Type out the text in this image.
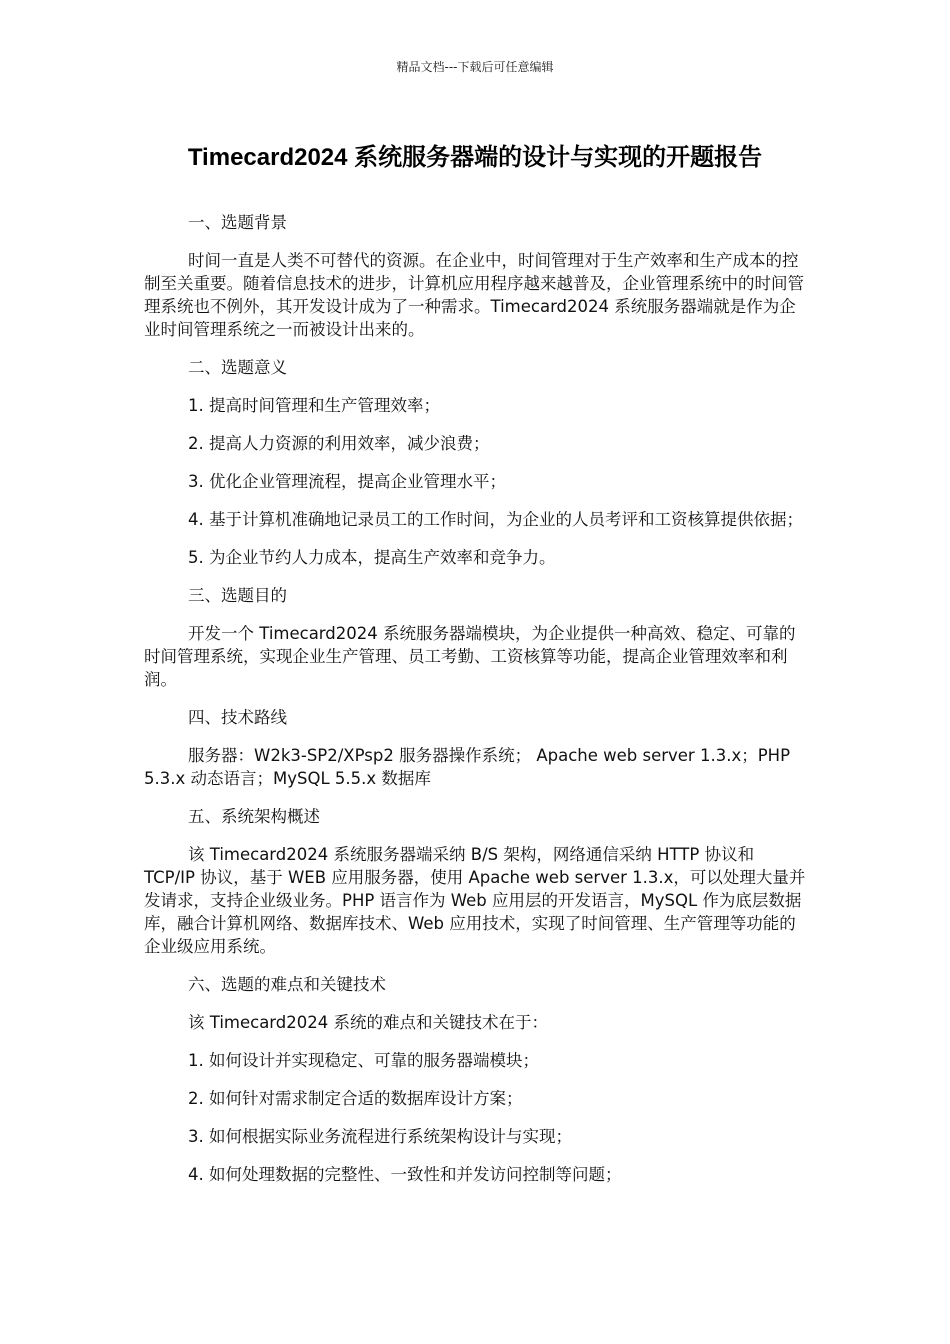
精品文档---下载后可任意编辑
Timecard2024 系统服务器端的设计与实现的开题报告

一、选题背景

时间一直是人类不可替代的资源。在企业中，时间管理对于生产效率和生产成本的控制至关重要。随着信息技术的进步，计算机应用程序越来越普及，企业管理系统中的时间管理系统也不例外，其开发设计成为了一种需求。Timecard2024 系统服务器端就是作为企业时间管理系统之一而被设计出来的。

二、选题意义

1. 提高时间管理和生产管理效率；

2. 提高人力资源的利用效率，减少浪费；

3. 优化企业管理流程，提高企业管理水平；

4. 基于计算机准确地记录员工的工作时间，为企业的人员考评和工资核算提供依据；

5. 为企业节约人力成本，提高生产效率和竞争力。

三、选题目的

开发一个 Timecard2024 系统服务器端模块，为企业提供一种高效、稳定、可靠的时间管理系统，实现企业生产管理、员工考勤、工资核算等功能，提高企业管理效率和利润。

四、技术路线

服务器：W2k3-SP2/XPsp2 服务器操作系统； Apache web server 1.3.x；PHP 5.3.x 动态语言；MySQL 5.5.x 数据库

五、系统架构概述

该 Timecard2024 系统服务器端采纳 B/S 架构，网络通信采纳 HTTP 协议和 TCP/IP 协议，基于 WEB 应用服务器，使用 Apache web server 1.3.x，可以处理大量并发请求，支持企业级业务。PHP 语言作为 Web 应用层的开发语言，MySQL 作为底层数据库，融合计算机网络、数据库技术、Web 应用技术，实现了时间管理、生产管理等功能的企业级应用系统。

六、选题的难点和关键技术

该 Timecard2024 系统的难点和关键技术在于：

1. 如何设计并实现稳定、可靠的服务器端模块；

2. 如何针对需求制定合适的数据库设计方案；

3. 如何根据实际业务流程进行系统架构设计与实现；

4. 如何处理数据的完整性、一致性和并发访问控制等问题；
